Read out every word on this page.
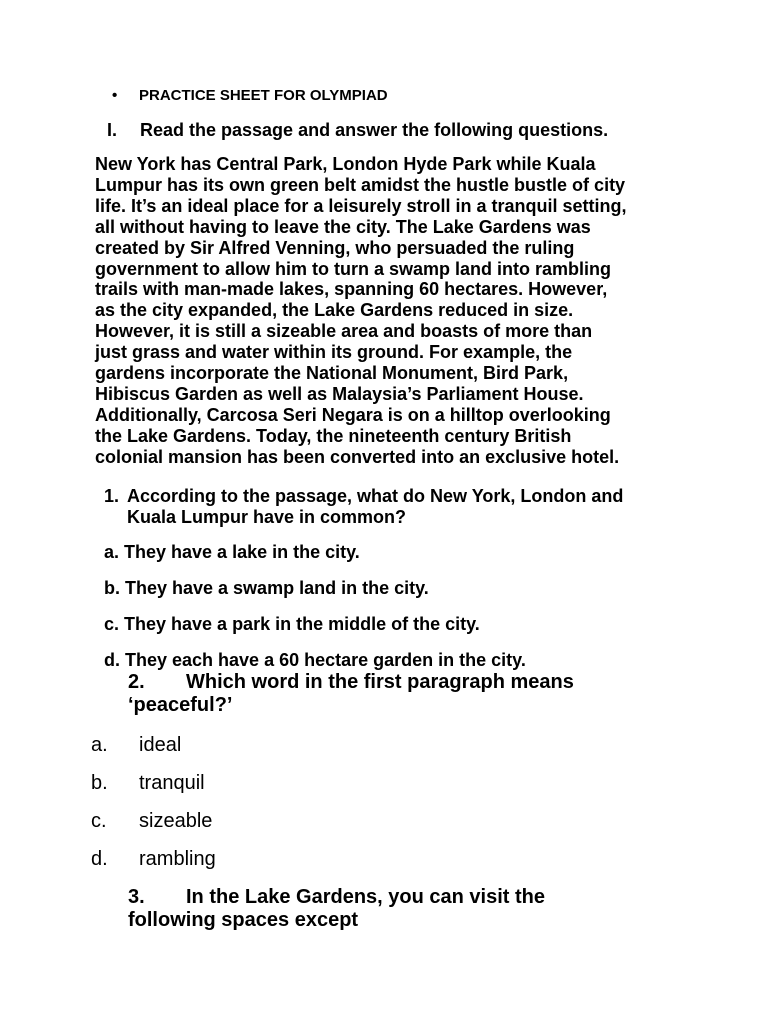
• PRACTICE SHEET FOR OLYMPIAD
I. Read the passage and answer the following questions.
New York has Central Park, London Hyde Park while Kuala
Lumpur has its own green belt amidst the hustle bustle of city
life. It’s an ideal place for a leisurely stroll in a tranquil setting,
all without having to leave the city. The Lake Gardens was
created by Sir Alfred Venning, who persuaded the ruling
government to allow him to turn a swamp land into rambling
trails with man-made lakes, spanning 60 hectares. However,
as the city expanded, the Lake Gardens reduced in size.
However, it is still a sizeable area and boasts of more than
just grass and water within its ground. For example, the
gardens incorporate the National Monument, Bird Park,
Hibiscus Garden as well as Malaysia’s Parliament House.
Additionally, Carcosa Seri Negara is on a hilltop overlooking
the Lake Gardens. Today, the nineteenth century British
colonial mansion has been converted into an exclusive hotel.
1. According to the passage, what do New York, London and
Kuala Lumpur have in common?
a. They have a lake in the city.
b. They have a swamp land in the city.
c. They have a park in the middle of the city.
d. They each have a 60 hectare garden in the city.
2. Which word in the first paragraph means
‘peaceful?’
a. ideal
b. tranquil
c. sizeable
d. rambling
3. In the Lake Gardens, you can visit the
following spaces except
